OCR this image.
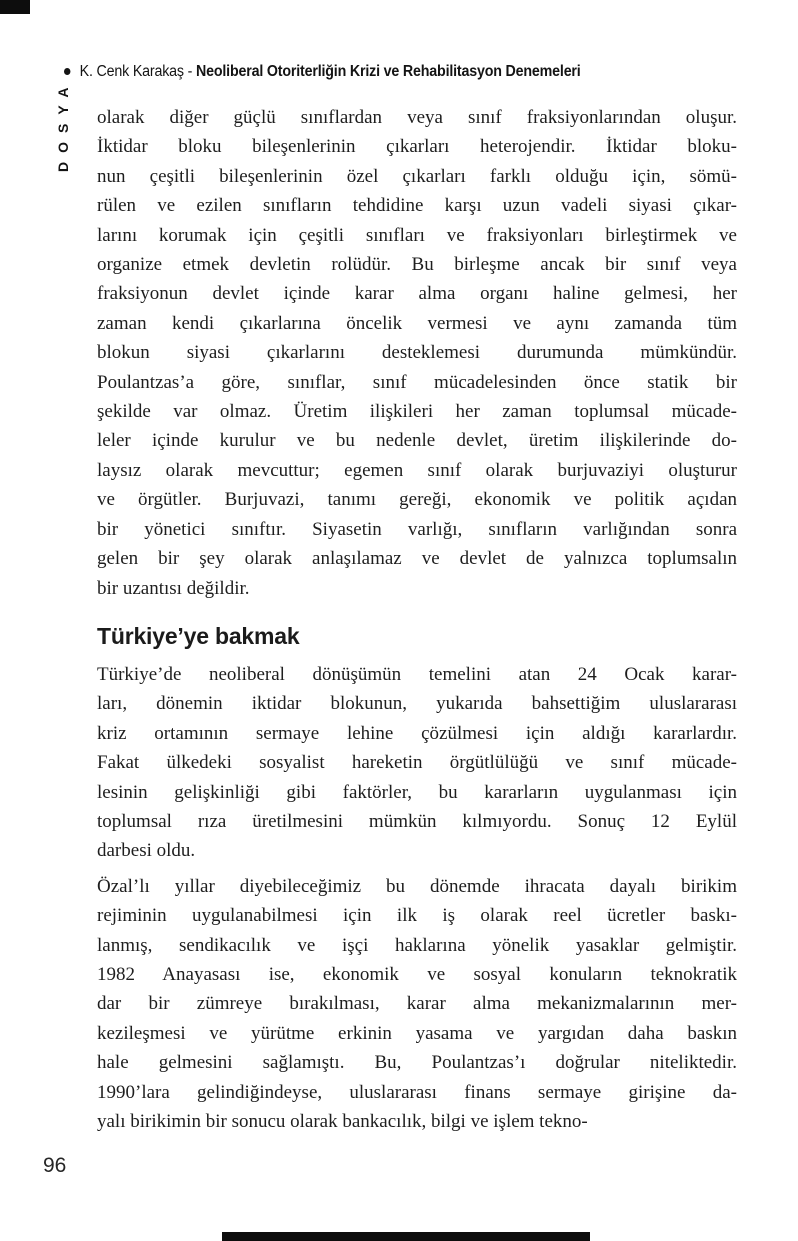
K. Cenk Karakaş - Neoliberal Otoriterliğin Krizi ve Rehabilitasyon Denemeleri
DOSYA olarak diğer güçlü sınıflardan veya sınıf fraksiyonlarından oluşur.
İktidar bloku bileşenlerinin çıkarları heterojendir. İktidar bloku-
nun çeşitli bileşenlerinin özel çıkarları farklı olduğu için, sömü-
rülen ve ezilen sınıfların tehdidine karşı uzun vadeli siyasi çıkar-
larını korumak için çeşitli sınıfları ve fraksiyonları birleştirmek ve
organize etmek devletin rolüdür. Bu birleşme ancak bir sınıf veya
fraksiyonun devlet içinde karar alma organı haline gelmesi, her
zaman kendi çıkarlarına öncelik vermesi ve aynı zamanda tüm
blokun siyasi çıkarlarını desteklemesi durumunda mümkündür.
Poulantzas’a göre, sınıflar, sınıf mücadelesinden önce statik bir
şekilde var olmaz. Üretim ilişkileri her zaman toplumsal mücade-
leler içinde kurulur ve bu nedenle devlet, üretim ilişkilerinde do-
laysız olarak mevcuttur; egemen sınıf olarak burjuvaziyi oluşturur
ve örgütler. Burjuvazi, tanımı gereği, ekonomik ve politik açıdan
bir yönetici sınıftır. Siyasetin varlığı, sınıfların varlığından sonra
gelen bir şey olarak anlaşılamaz ve devlet de yalnızca toplumsalın
bir uzantısı değildir.
Türkiye’ye bakmak
Türkiye’de neoliberal dönüşümün temelini atan 24 Ocak karar-
ları, dönemin iktidar blokunun, yukarıda bahsettiğim uluslararası
kriz ortamının sermaye lehine çözülmesi için aldığı kararlardır.
Fakat ülkedeki sosyalist hareketin örgütlülüğü ve sınıf mücade-
lesinin gelişkinliği gibi faktörler, bu kararların uygulanması için
toplumsal rıza üretilmesini mümkün kılmıyordu. Sonuç 12 Eylül
darbesi oldu.
Özal’lı yıllar diyebileceğimiz bu dönemde ihracata dayalı birikim
rejiminin uygulanabilmesi için ilk iş olarak reel ücretler baskı-
lanmış, sendikacılık ve işçi haklarına yönelik yasaklar gelmiştir.
1982 Anayasası ise, ekonomik ve sosyal konuların teknokratik
dar bir zümreye bırakılması, karar alma mekanizmalarının mer-
kezileşmesi ve yürütme erkinin yasama ve yargıdan daha baskın
hale gelmesini sağlamıştı. Bu, Poulantzas’ı doğrular niteliktedir.
1990’lara gelindiğindeyse, uluslararası finans sermaye girişine da-
yalı birikimin bir sonucu olarak bankacılık, bilgi ve işlem tekno-
96
